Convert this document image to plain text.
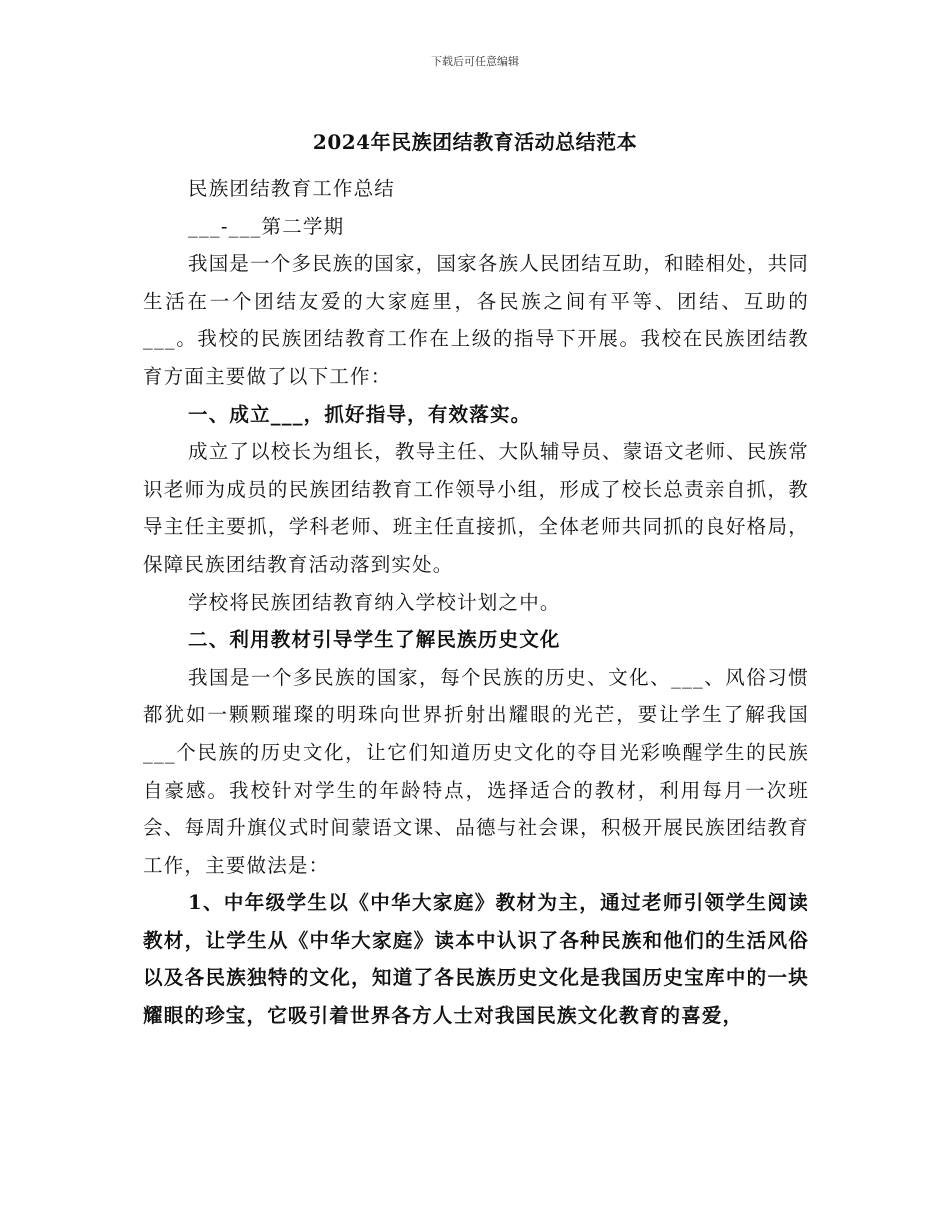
下载后可任意编辑
2024年民族团结教育活动总结范本

民族团结教育工作总结

___-___第二学期

我国是一个多民族的国家，国家各族人民团结互助，和睦相处，共同生活在一个团结友爱的大家庭里，各民族之间有平等、团结、互助的___。我校的民族团结教育工作在上级的指导下开展。我校在民族团结教育方面主要做了以下工作：

一、成立___，抓好指导，有效落实。

成立了以校长为组长，教导主任、大队辅导员、蒙语文老师、民族常识老师为成员的民族团结教育工作领导小组，形成了校长总责亲自抓，教导主任主要抓，学科老师、班主任直接抓，全体老师共同抓的良好格局，保障民族团结教育活动落到实处。

学校将民族团结教育纳入学校计划之中。

二、利用教材引导学生了解民族历史文化

我国是一个多民族的国家，每个民族的历史、文化、___、风俗习惯都犹如一颗颗璀璨的明珠向世界折射出耀眼的光芒，要让学生了解我国___个民族的历史文化，让它们知道历史文化的夺目光彩唤醒学生的民族自豪感。我校针对学生的年龄特点，选择适合的教材，利用每月一次班会、每周升旗仪式时间蒙语文课、品德与社会课，积极开展民族团结教育工作，主要做法是：

1、中年级学生以《中华大家庭》教材为主，通过老师引领学生阅读教材，让学生从《中华大家庭》读本中认识了各种民族和他们的生活风俗以及各民族独特的文化，知道了各民族历史文化是我国历史宝库中的一块耀眼的珍宝，它吸引着世界各方人士对我国民族文化教育的喜爱，
